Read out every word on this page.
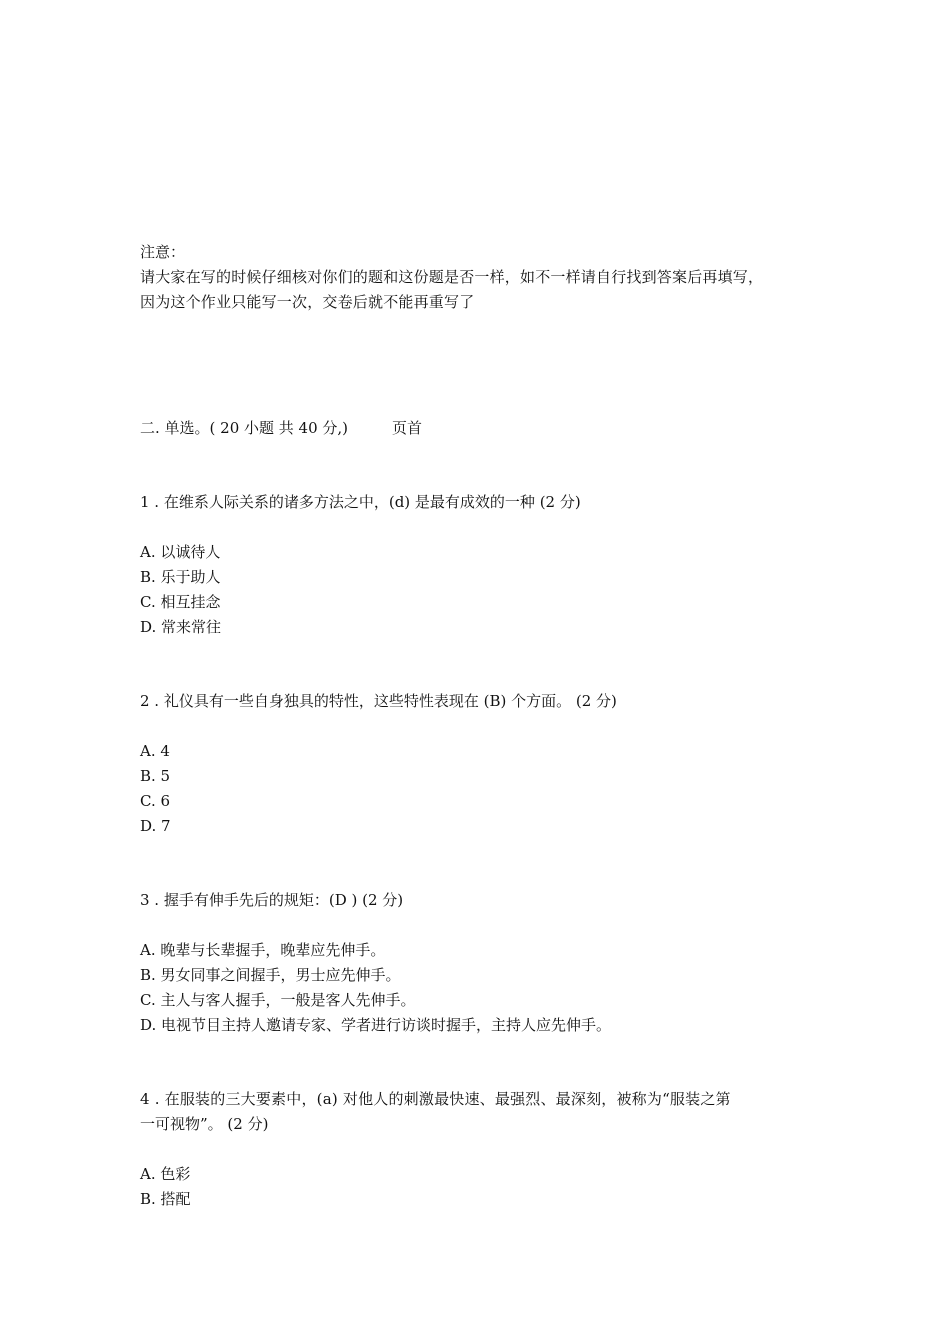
注意：
请大家在写的时候仔细核对你们的题和这份题是否一样，如不一样请自行找到答案后再填写，
因为这个作业只能写一次，交卷后就不能再重写了
二. 单选。( 20 小题 共 40 分,)	页首
1 . 在维系人际关系的诸多方法之中，(d) 是最有成效的一种 (2 分)
A. 以诚待人
B. 乐于助人
C. 相互挂念
D. 常来常往
2 . 礼仪具有一些自身独具的特性，这些特性表现在 (B) 个方面。 (2 分)
A. 4
B. 5
C. 6
D. 7
3 . 握手有伸手先后的规矩：(D ) (2 分)
A. 晚辈与长辈握手，晚辈应先伸手。
B. 男女同事之间握手，男士应先伸手。
C. 主人与客人握手，一般是客人先伸手。
D. 电视节目主持人邀请专家、学者进行访谈时握手，主持人应先伸手。
4 . 在服装的三大要素中，(a) 对他人的刺激最快速、最强烈、最深刻，被称为“服装之第
一可视物”。 (2 分)
A. 色彩
B. 搭配
